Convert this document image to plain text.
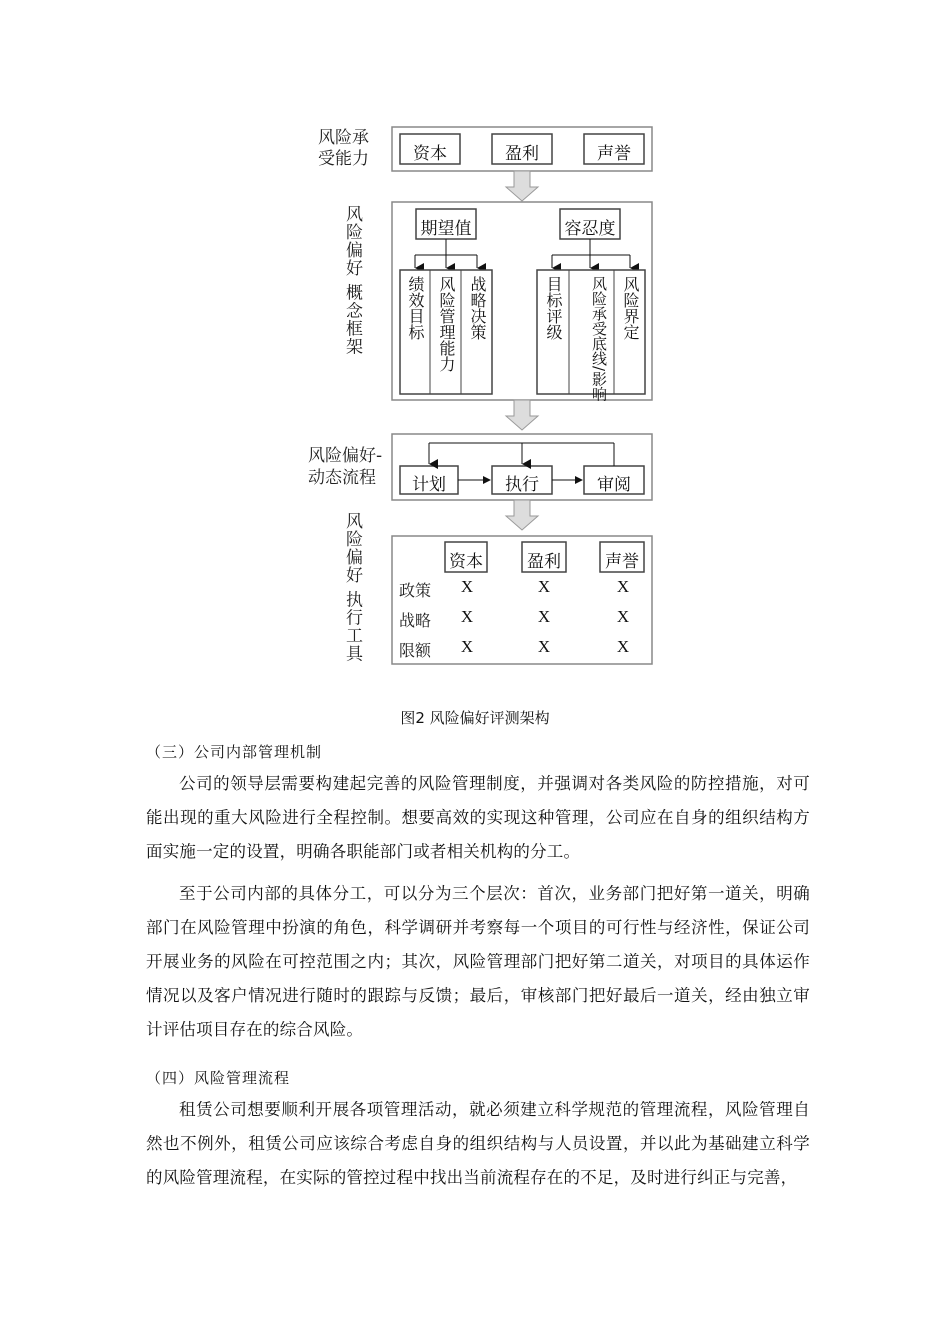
风险承
受能力	资本	盈利	声誉
风险偏好 概念框架	期望值	容忍度
绩效目标 风险管理能力 战略决策	目标评级	风险承受底线/影响 风险界定
风险偏好-
动态流程	计划	执行	审阅
风险偏好 执行工具	资本	盈利	声誉
政策	X	X	X
战略	X	X	X
限额	X	X	X
图2 风险偏好评测架构
（三）公司内部管理机制
公司的领导层需要构建起完善的风险管理制度，并强调对各类风险的防控措施，对可能出现的重大风险进行全程控制。想要高效的实现这种管理，公司应在自身的组织结构方面实施一定的设置，明确各职能部门或者相关机构的分工。
至于公司内部的具体分工，可以分为三个层次：首次，业务部门把好第一道关，明确部门在风险管理中扮演的角色，科学调研并考察每一个项目的可行性与经济性，保证公司开展业务的风险在可控范围之内；其次，风险管理部门把好第二道关，对项目的具体运作情况以及客户情况进行随时的跟踪与反馈；最后，审核部门把好最后一道关，经由独立审计评估项目存在的综合风险。
（四）风险管理流程
租赁公司想要顺利开展各项管理活动，就必须建立科学规范的管理流程，风险管理自然也不例外，租赁公司应该综合考虑自身的组织结构与人员设置，并以此为基础建立科学的风险管理流程，在实际的管控过程中找出当前流程存在的不足，及时进行纠正与完善，
